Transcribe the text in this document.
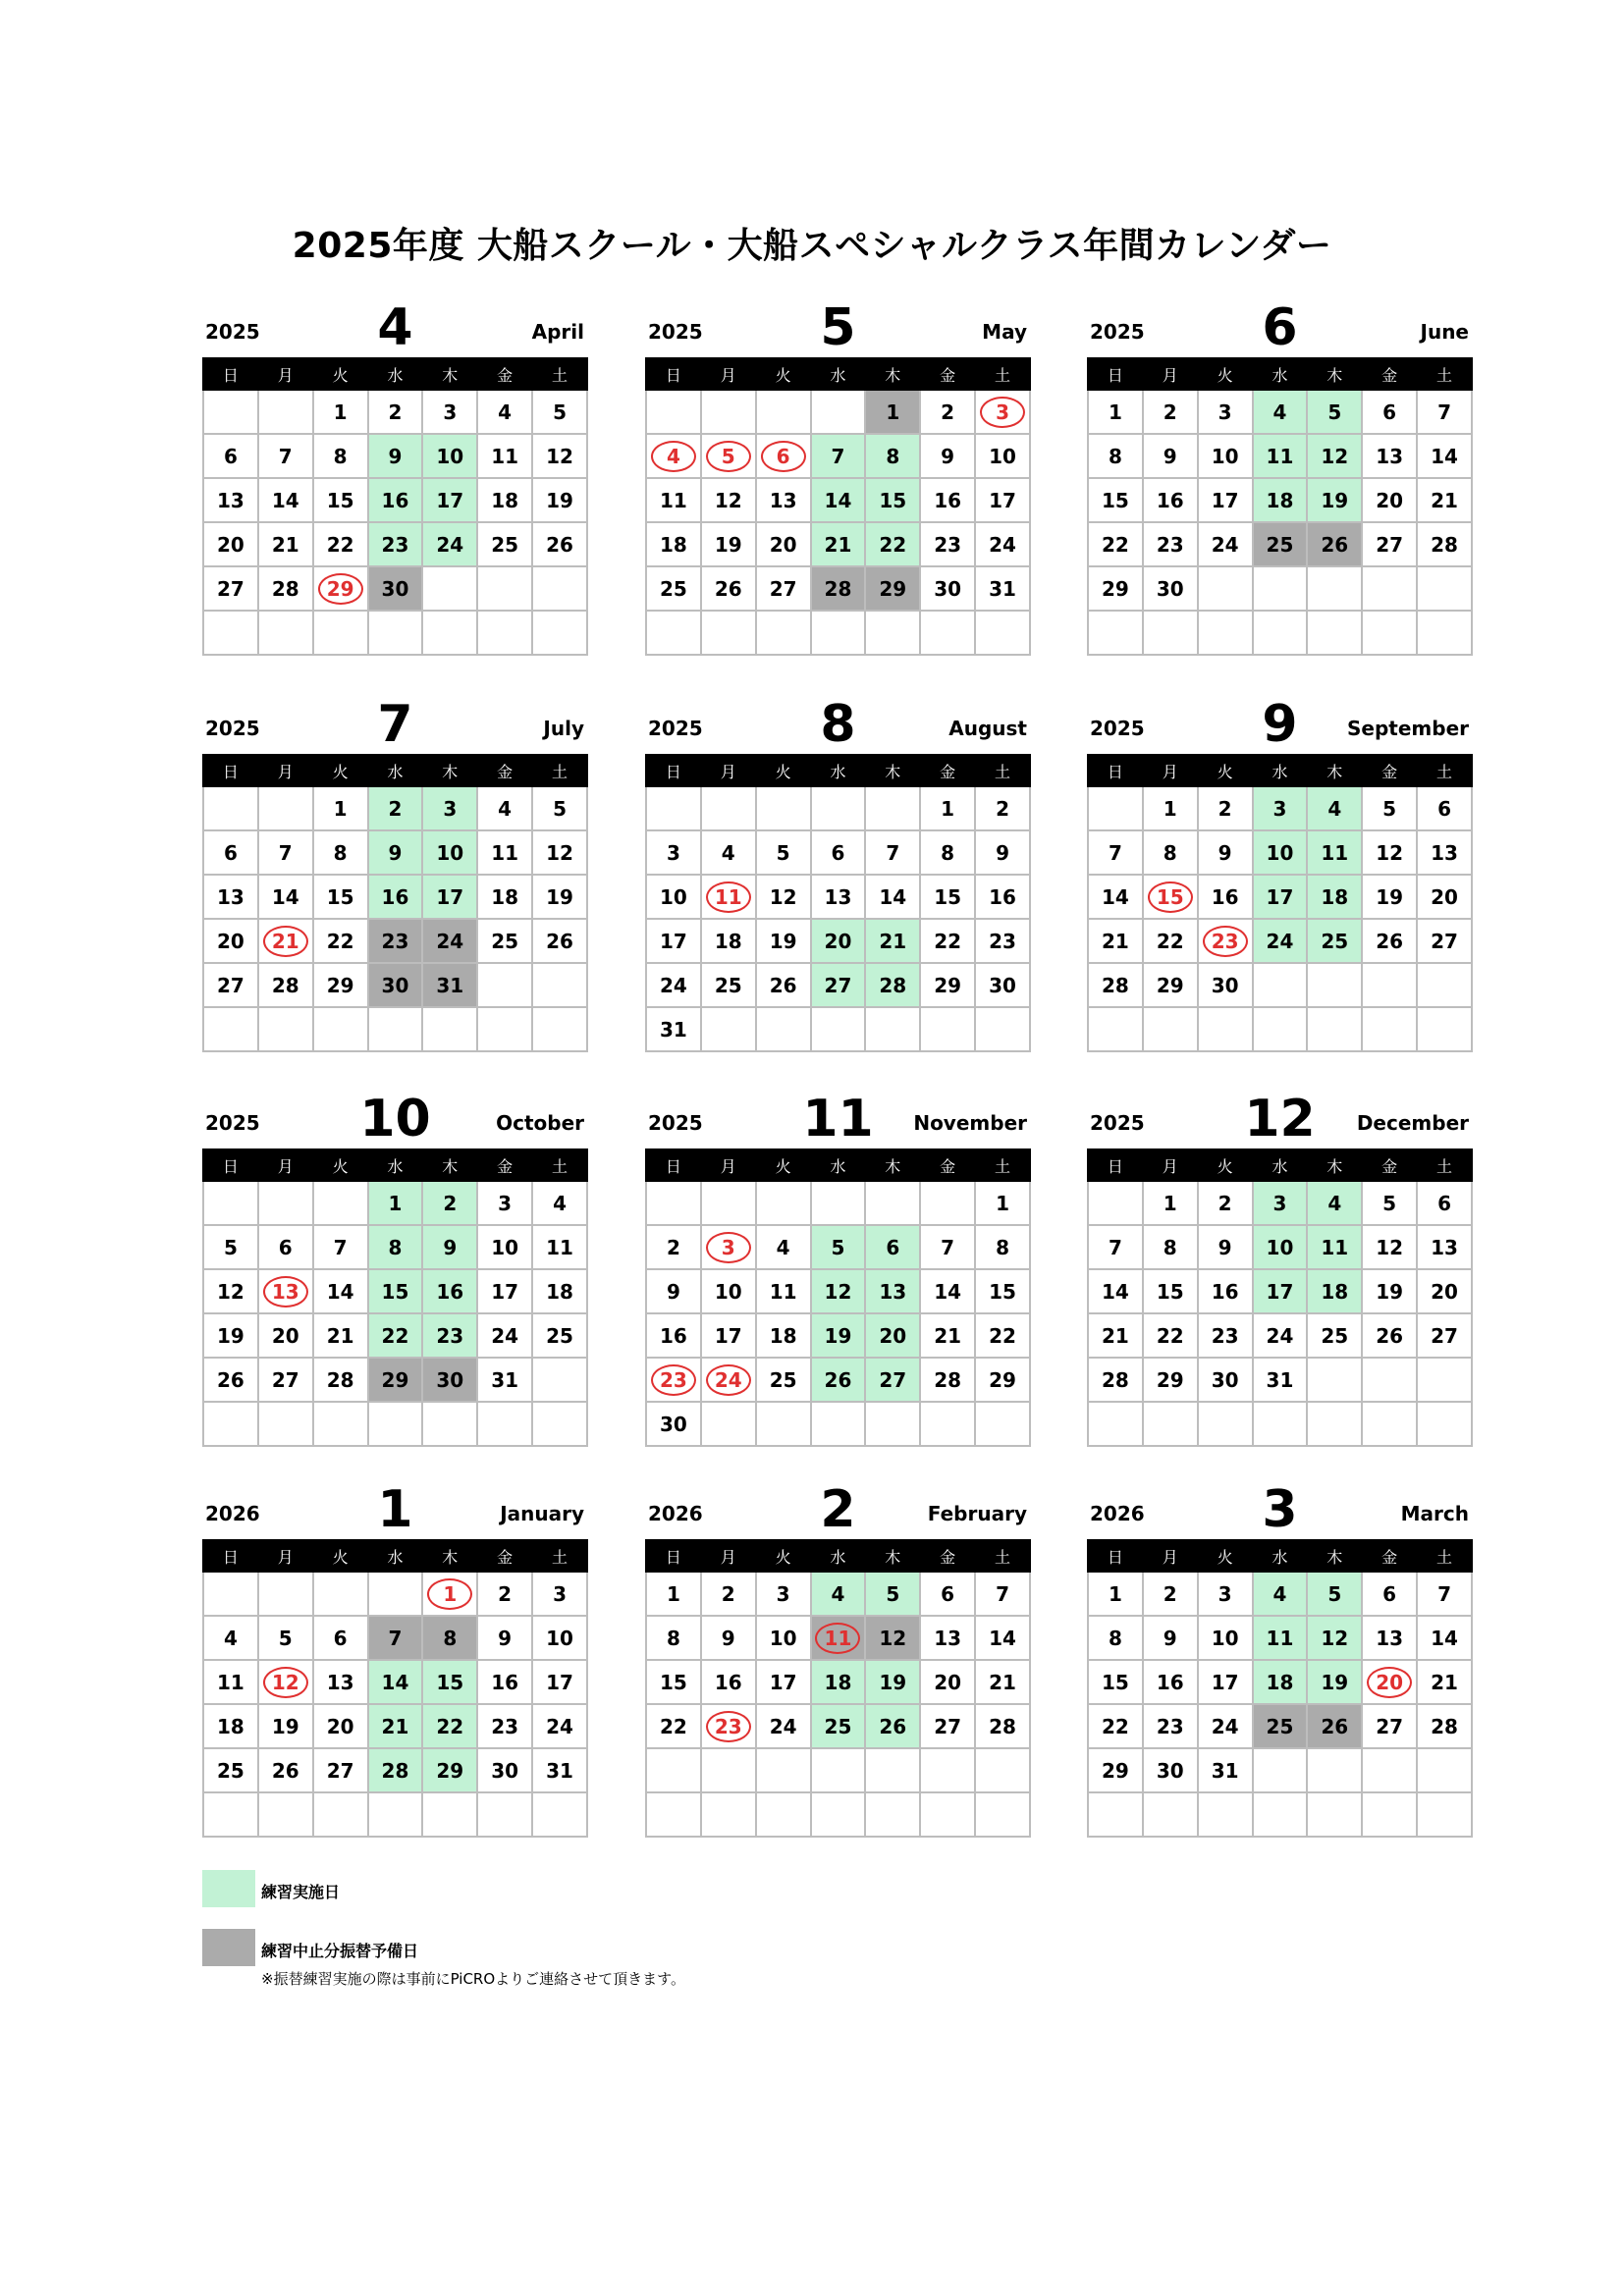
2025年度 大船スクール・大船スペシャルクラス年間カレンダー
2025	4	April
日	月	火	水	木	金	土
		1	2	3	4	5
6	7	8	9	10	11	12
13	14	15	16	17	18	19
20	21	22	23	24	25	26
27	28	29	30			

2025	5	May
日	月	火	水	木	金	土
				1	2	3
4	5	6	7	8	9	10
11	12	13	14	15	16	17
18	19	20	21	22	23	24
25	26	27	28	29	30	31

2025	6	June
日	月	火	水	木	金	土
1	2	3	4	5	6	7
8	9	10	11	12	13	14
15	16	17	18	19	20	21
22	23	24	25	26	27	28
29	30					

2025	7	July
日	月	火	水	木	金	土
		1	2	3	4	5
6	7	8	9	10	11	12
13	14	15	16	17	18	19
20	21	22	23	24	25	26
27	28	29	30	31		

2025	8	August
日	月	火	水	木	金	土
					1	2
3	4	5	6	7	8	9
10	11	12	13	14	15	16
17	18	19	20	21	22	23
24	25	26	27	28	29	30
31						
2025	9	September
日	月	火	水	木	金	土
	1	2	3	4	5	6
7	8	9	10	11	12	13
14	15	16	17	18	19	20
21	22	23	24	25	26	27
28	29	30				

2025	10	October
日	月	火	水	木	金	土
			1	2	3	4
5	6	7	8	9	10	11
12	13	14	15	16	17	18
19	20	21	22	23	24	25
26	27	28	29	30	31	

2025	11	November
日	月	火	水	木	金	土
						1
2	3	4	5	6	7	8
9	10	11	12	13	14	15
16	17	18	19	20	21	22
23	24	25	26	27	28	29
30						
2025	12	December
日	月	火	水	木	金	土
	1	2	3	4	5	6
7	8	9	10	11	12	13
14	15	16	17	18	19	20
21	22	23	24	25	26	27
28	29	30	31			

2026	1	January
日	月	火	水	木	金	土
				1	2	3
4	5	6	7	8	9	10
11	12	13	14	15	16	17
18	19	20	21	22	23	24
25	26	27	28	29	30	31

2026	2	February
日	月	火	水	木	金	土
1	2	3	4	5	6	7
8	9	10	11	12	13	14
15	16	17	18	19	20	21
22	23	24	25	26	27	28

2026	3	March
日	月	火	水	木	金	土
1	2	3	4	5	6	7
8	9	10	11	12	13	14
15	16	17	18	19	20	21
22	23	24	25	26	27	28
29	30	31				

練習実施日
練習中止分振替予備日
※振替練習実施の際は事前にPiCROよりご連絡させて頂きます。
